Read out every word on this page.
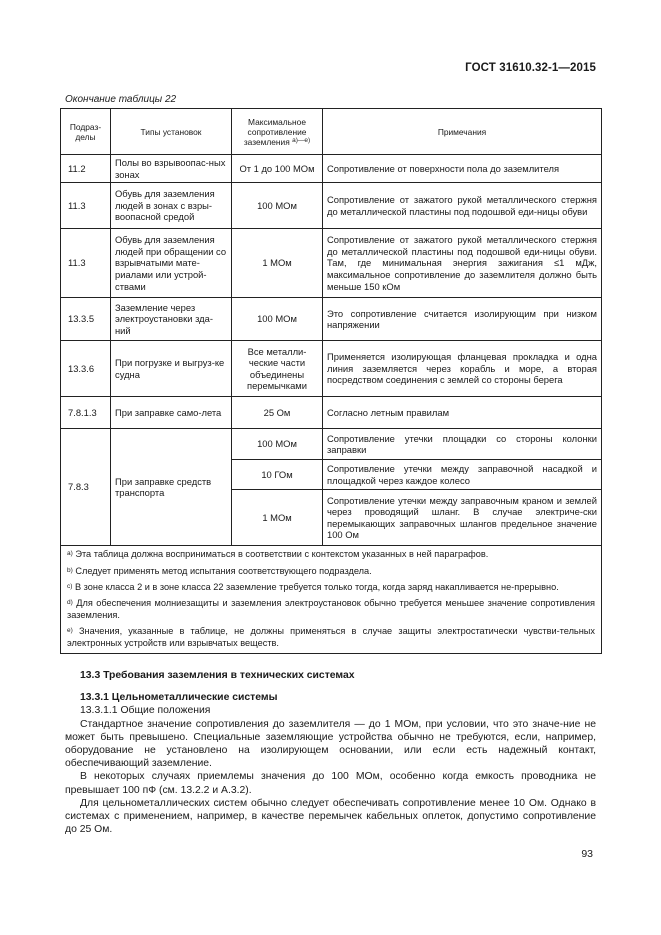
ГОСТ 31610.32-1—2015
Окончание таблицы 22
Подраз-
делы	Типы установок	Максимальное сопротивление заземления $^{а)—е)}$	Примечания
11.2	Полы во взрывоопас-ных зонах	От 1 до 100 МОм	Сопротивление от поверхности пола до заземлителя
11.3	Обувь для заземления людей в зонах с взры-воопасной средой	100 МОм	Сопротивление от зажатого рукой металлического стержня до металлической пластины под подошвой еди-ницы обуви
11.3	Обувь для заземления людей при обращении со взрывчатыми мате-риалами или устрой-ствами	1 МОм	Сопротивление от зажатого рукой металлического стержня до металлической пластины под подошвой еди-ницы обуви. Там, где минимальная энергия зажигания ≤1 мДж, максимальное сопротивление до заземлителя должно быть меньше 150 кОм
13.3.5	Заземление через электроустановки зда-ний	100 МОм	Это сопротивление считается изолирующим при низком напряжении
13.3.6	При погрузке и выгруз-ке судна	Все металли-ческие части объединены перемычками	Применяется изолирующая фланцевая прокладка и одна линия заземляется через корабль и море, а вторая посредством соединения с землей со стороны берега
7.8.1.3	При заправке само-лета	25 Ом	Согласно летным правилам
7.8.3	При заправке средств транспорта	100 МОм	Сопротивление утечки площадки со стороны колонки заправки
		10 ГОм	Сопротивление утечки между заправочной насадкой и площадкой через каждое колесо
		1 МОм	Сопротивление утечки между заправочным краном и землей через проводящий шланг. В случае электриче-ски перемыкающих заправочных шлангов предельное значение 100 Ом

$^{а)}$ Эта таблица должна восприниматься в соответствии с контекстом указанных в ней параграфов.

$^{b)}$ Следует применять метод испытания соответствующего подраздела.

$^{с)}$ В зоне класса 2 и в зоне класса 22 заземление требуется только тогда, когда заряд накапливается не-прерывно.

$^{d)}$ Для обеспечения молниезащиты и заземления электроустановок обычно требуется меньшее значение сопротивления заземления.

$^{е)}$ Значения, указанные в таблице, не должны применяться в случае защиты электростатически чувстви-тельных электронных устройств или взрывчатых веществ.			

13.3 Требования заземления в технических системах
13.3.1 Цельнометаллические системы
13.3.1.1 Общие положения

Стандартное значение сопротивления до заземлителя — до 1 МОм, при условии, что это значе-ние не может быть превышено. Специальные заземляющие устройства обычно не требуются, если, например, оборудование не установлено на изолирующем основании, или если есть надежный контакт, обеспечивающий заземление.

В некоторых случаях приемлемы значения до 100 МОм, особенно когда емкость проводника не превышает 100 пФ (см. 13.2.2 и А.3.2).

Для цельнометаллических систем обычно следует обеспечивать сопротивление менее 10 Ом. Однако в системах с применением, например, в качестве перемычек кабельных оплеток, допустимо сопротивление до 25 Ом.

93
